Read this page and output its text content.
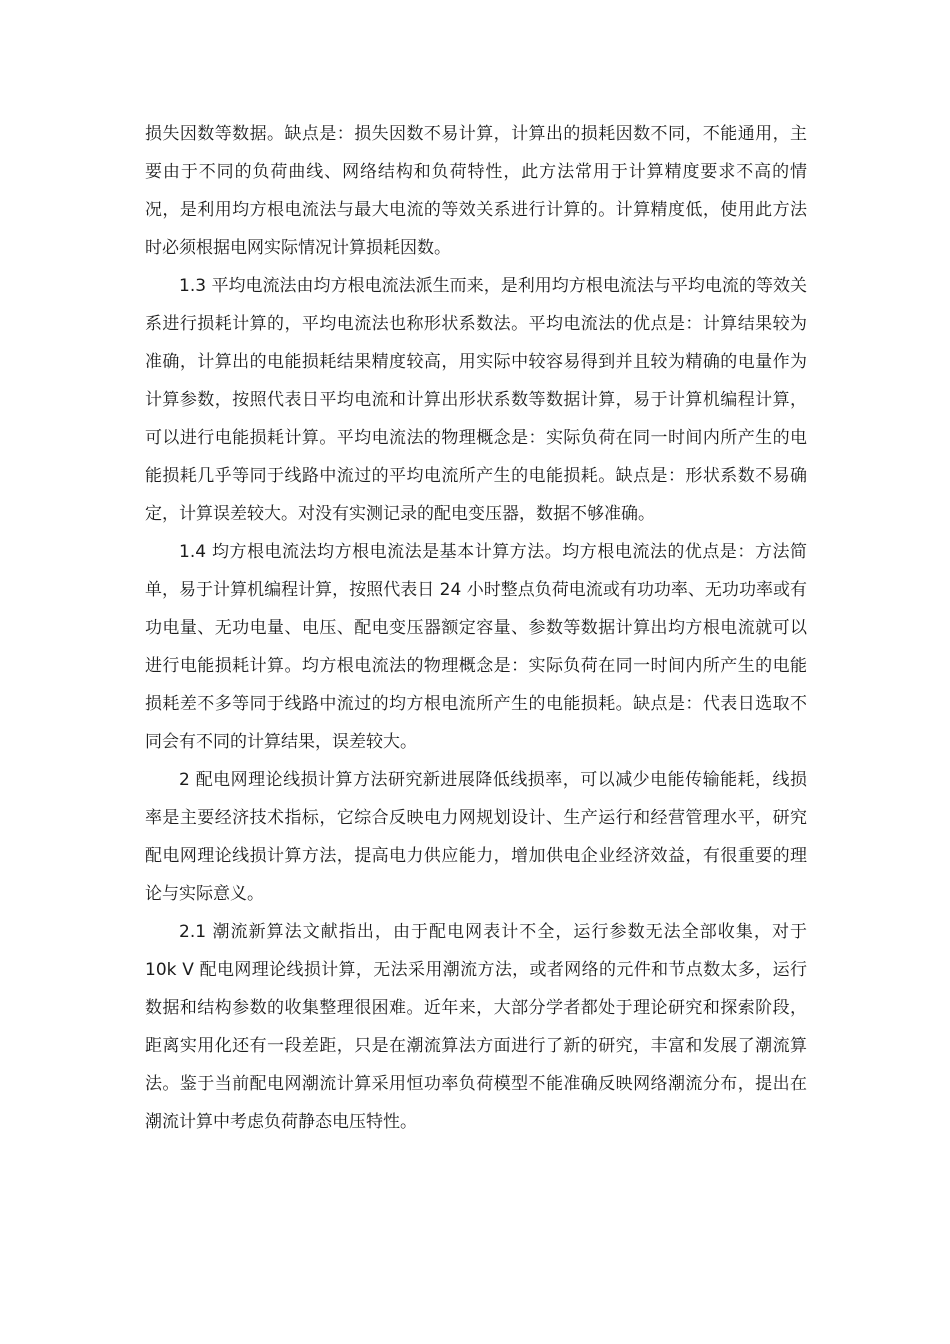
损失因数等数据。缺点是：损失因数不易计算，计算出的损耗因数不同，不能通用，主要由于不同的负荷曲线、网络结构和负荷特性，此方法常用于计算精度要求不高的情况，是利用均方根电流法与最大电流的等效关系进行计算的。计算精度低，使用此方法时必须根据电网实际情况计算损耗因数。

1.3 平均电流法由均方根电流法派生而来，是利用均方根电流法与平均电流的等效关系进行损耗计算的，平均电流法也称形状系数法。平均电流法的优点是：计算结果较为准确，计算出的电能损耗结果精度较高，用实际中较容易得到并且较为精确的电量作为计算参数，按照代表日平均电流和计算出形状系数等数据计算，易于计算机编程计算，可以进行电能损耗计算。平均电流法的物理概念是：实际负荷在同一时间内所产生的电能损耗几乎等同于线路中流过的平均电流所产生的电能损耗。缺点是：形状系数不易确定，计算误差较大。对没有实测记录的配电变压器，数据不够准确。

1.4 均方根电流法均方根电流法是基本计算方法。均方根电流法的优点是：方法简单，易于计算机编程计算，按照代表日 24 小时整点负荷电流或有功功率、无功功率或有功电量、无功电量、电压、配电变压器额定容量、参数等数据计算出均方根电流就可以进行电能损耗计算。均方根电流法的物理概念是：实际负荷在同一时间内所产生的电能损耗差不多等同于线路中流过的均方根电流所产生的电能损耗。缺点是：代表日选取不同会有不同的计算结果，误差较大。

2 配电网理论线损计算方法研究新进展降低线损率，可以减少电能传输能耗，线损率是主要经济技术指标，它综合反映电力网规划设计、生产运行和经营管理水平，研究配电网理论线损计算方法，提高电力供应能力，增加供电企业经济效益，有很重要的理论与实际意义。

2.1 潮流新算法文献指出，由于配电网表计不全，运行参数无法全部收集，对于 10k V 配电网理论线损计算，无法采用潮流方法，或者网络的元件和节点数太多，运行数据和结构参数的收集整理很困难。近年来，大部分学者都处于理论研究和探索阶段，距离实用化还有一段差距，只是在潮流算法方面进行了新的研究，丰富和发展了潮流算法。鉴于当前配电网潮流计算采用恒功率负荷模型不能准确反映网络潮流分布，提出在潮流计算中考虑负荷静态电压特性。
